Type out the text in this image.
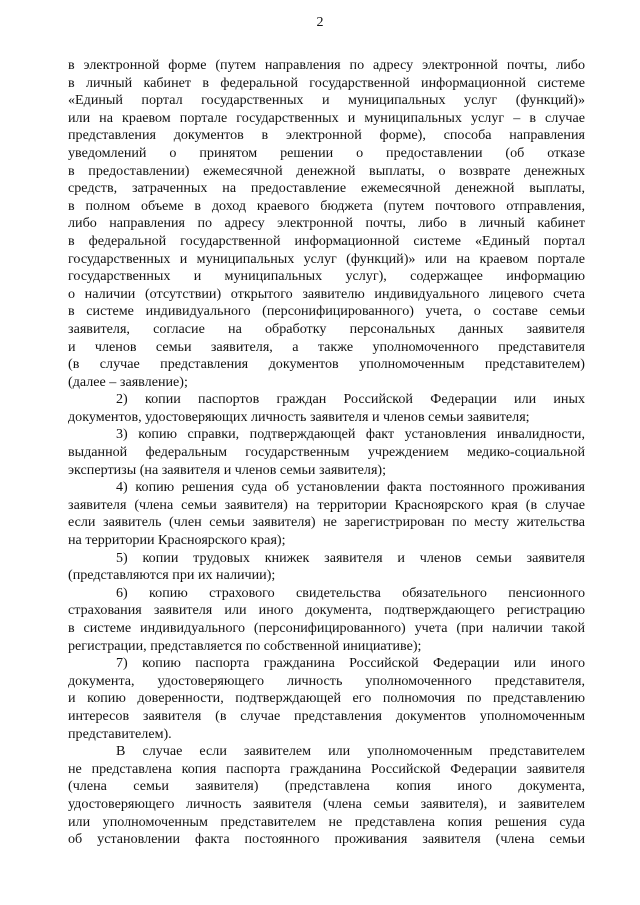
2
в электронной форме (путем направления по адресу электронной почты, либо
в личный кабинет в федеральной государственной информационной системе
«Единый портал государственных и муниципальных услуг (функций)»
или на краевом портале государственных и муниципальных услуг – в случае
представления документов в электронной форме), способа направления
уведомлений о принятом решении о предоставлении (об отказе
в предоставлении) ежемесячной денежной выплаты, о возврате денежных
средств, затраченных на предоставление ежемесячной денежной выплаты,
в полном объеме в доход краевого бюджета (путем почтового отправления,
либо направления по адресу электронной почты, либо в личный кабинет
в федеральной государственной информационной системе «Единый портал
государственных и муниципальных услуг (функций)» или на краевом портале
государственных и муниципальных услуг), содержащее информацию
о наличии (отсутствии) открытого заявителю индивидуального лицевого счета
в системе индивидуального (персонифицированного) учета, о составе семьи
заявителя, согласие на обработку персональных данных заявителя
и членов семьи заявителя, а также уполномоченного представителя
(в случае представления документов уполномоченным представителем)
(далее – заявление);
2) копии паспортов граждан Российской Федерации или иных
документов, удостоверяющих личность заявителя и членов семьи заявителя;
3) копию справки, подтверждающей факт установления инвалидности,
выданной федеральным государственным учреждением медико-социальной
экспертизы (на заявителя и членов семьи заявителя);
4) копию решения суда об установлении факта постоянного проживания
заявителя (члена семьи заявителя) на территории Красноярского края (в случае
если заявитель (член семьи заявителя) не зарегистрирован по месту жительства
на территории Красноярского края);
5) копии трудовых книжек заявителя и членов семьи заявителя
(представляются при их наличии);
6) копию страхового свидетельства обязательного пенсионного
страхования заявителя или иного документа, подтверждающего регистрацию
в системе индивидуального (персонифицированного) учета (при наличии такой
регистрации, представляется по собственной инициативе);
7) копию паспорта гражданина Российской Федерации или иного
документа, удостоверяющего личность уполномоченного представителя,
и копию доверенности, подтверждающей его полномочия по представлению
интересов заявителя (в случае представления документов уполномоченным
представителем).
В случае если заявителем или уполномоченным представителем
не представлена копия паспорта гражданина Российской Федерации заявителя
(члена семьи заявителя) (представлена копия иного документа,
удостоверяющего личность заявителя (члена семьи заявителя), и заявителем
или уполномоченным представителем не представлена копия решения суда
об установлении факта постоянного проживания заявителя (члена семьи
